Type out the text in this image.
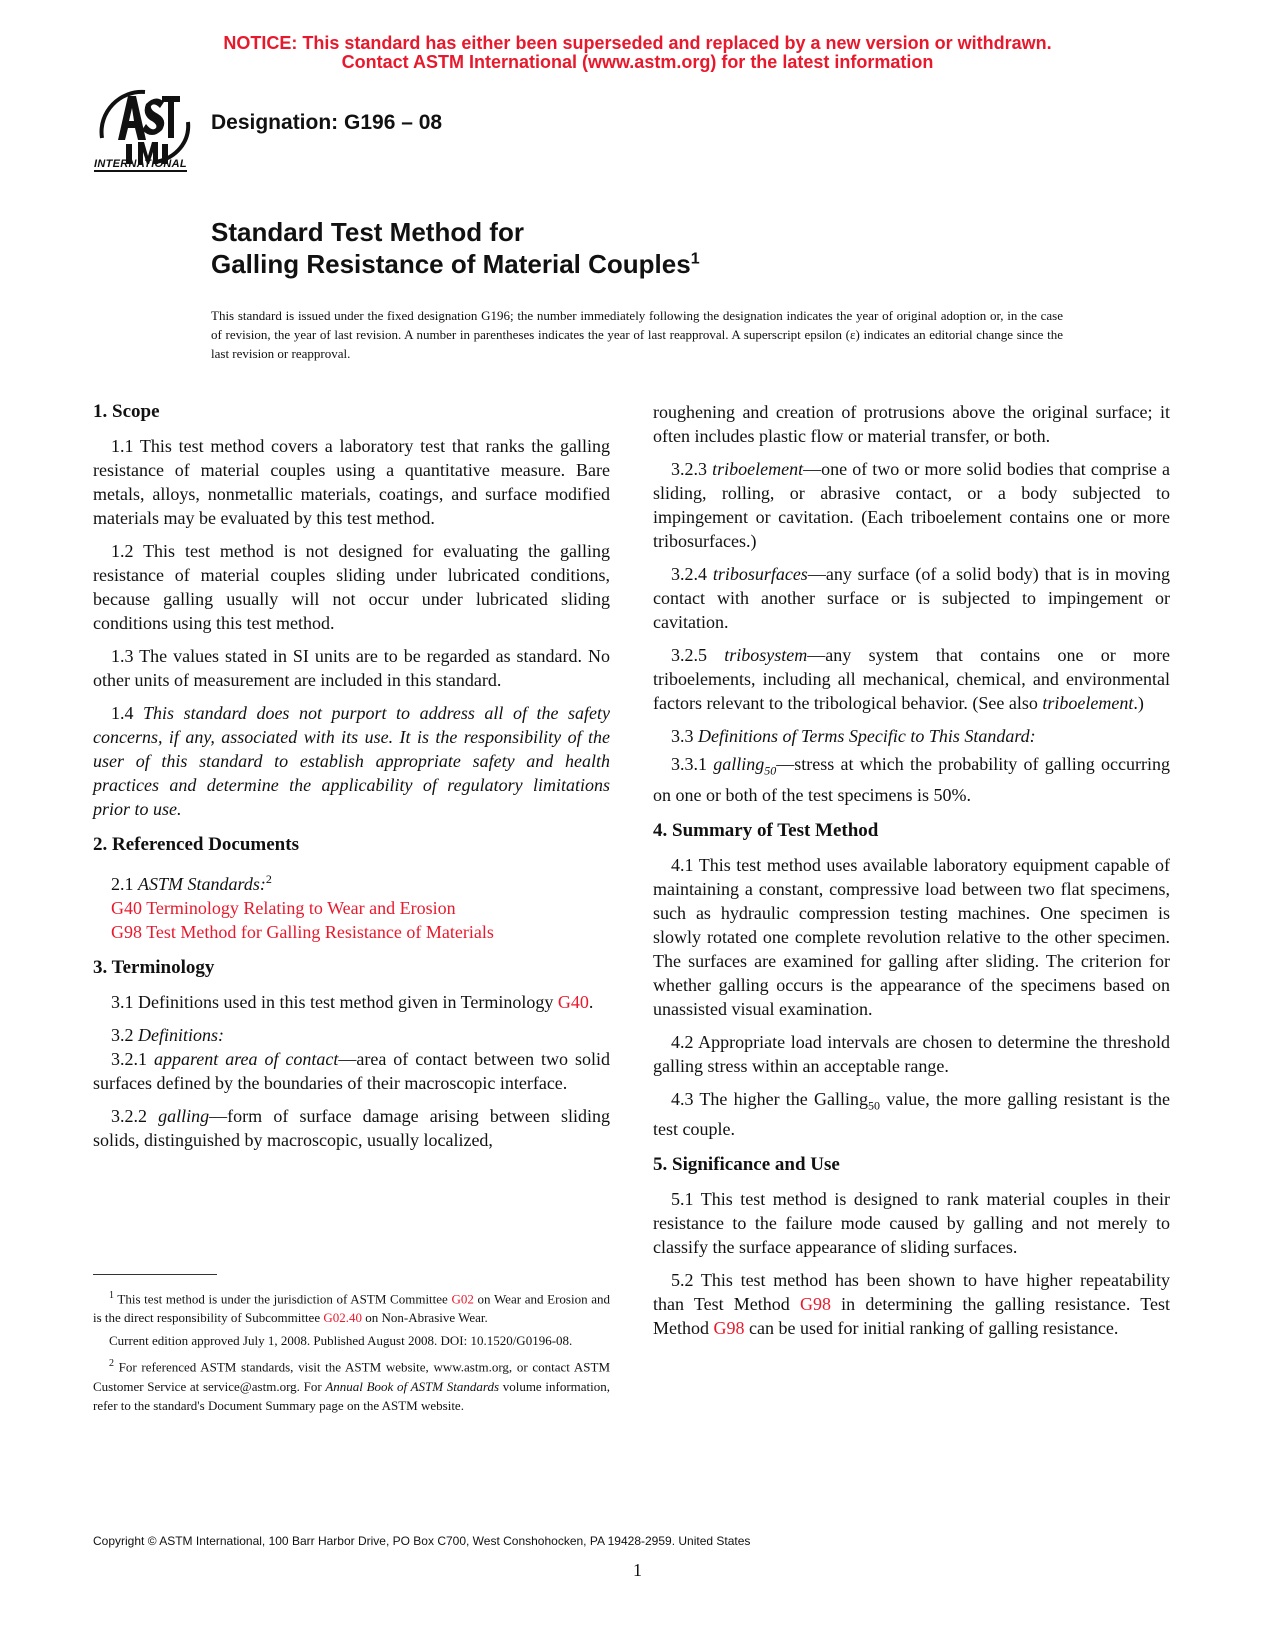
NOTICE: This standard has either been superseded and replaced by a new version or withdrawn.
Contact ASTM International (www.astm.org) for the latest information
INTERNATIONAL
Designation: G196 – 08
Standard Test Method for
Galling Resistance of Material Couples$^1$
This standard is issued under the fixed designation G196; the number immediately following the designation indicates the year of original adoption or, in the case of revision, the year of last revision. A number in parentheses indicates the year of last reapproval. A superscript epsilon (ε) indicates an editorial change since the last revision or reapproval.
1. Scope

1.1 This test method covers a laboratory test that ranks the galling resistance of material couples using a quantitative measure. Bare metals, alloys, nonmetallic materials, coatings, and surface modified materials may be evaluated by this test method.

1.2 This test method is not designed for evaluating the galling resistance of material couples sliding under lubricated conditions, because galling usually will not occur under lubricated sliding conditions using this test method.

1.3 The values stated in SI units are to be regarded as standard. No other units of measurement are included in this standard.

1.4 This standard does not purport to address all of the safety concerns, if any, associated with its use. It is the responsibility of the user of this standard to establish appropriate safety and health practices and determine the applicability of regulatory limitations prior to use.

2. Referenced Documents

2.1 ASTM Standards:$^2$

G40 Terminology Relating to Wear and Erosion
G98 Test Method for Galling Resistance of Materials
3. Terminology

3.1 Definitions used in this test method given in Terminology G40.

3.2 Definitions:

3.2.1 apparent area of contact—area of contact between two solid surfaces defined by the boundaries of their macroscopic interface.

3.2.2 galling—form of surface damage arising between sliding solids, distinguished by macroscopic, usually localized,

roughening and creation of protrusions above the original surface; it often includes plastic flow or material transfer, or both.

3.2.3 triboelement—one of two or more solid bodies that comprise a sliding, rolling, or abrasive contact, or a body subjected to impingement or cavitation. (Each triboelement contains one or more tribosurfaces.)

3.2.4 tribosurfaces—any surface (of a solid body) that is in moving contact with another surface or is subjected to impingement or cavitation.

3.2.5 tribosystem—any system that contains one or more triboelements, including all mechanical, chemical, and environmental factors relevant to the tribological behavior. (See also triboelement.)

3.3 Definitions of Terms Specific to This Standard:

3.3.1 galling$_{50}$—stress at which the probability of galling occurring on one or both of the test specimens is 50%.

4. Summary of Test Method

4.1 This test method uses available laboratory equipment capable of maintaining a constant, compressive load between two flat specimens, such as hydraulic compression testing machines. One specimen is slowly rotated one complete revolution relative to the other specimen. The surfaces are examined for galling after sliding. The criterion for whether galling occurs is the appearance of the specimens based on unassisted visual examination.

4.2 Appropriate load intervals are chosen to determine the threshold galling stress within an acceptable range.

4.3 The higher the Galling$_{50}$ value, the more galling resistant is the test couple.

5. Significance and Use

5.1 This test method is designed to rank material couples in their resistance to the failure mode caused by galling and not merely to classify the surface appearance of sliding surfaces.

5.2 This test method has been shown to have higher repeatability than Test Method G98 in determining the galling resistance. Test Method G98 can be used for initial ranking of galling resistance.

$^1$ This test method is under the jurisdiction of ASTM Committee G02 on Wear and Erosion and is the direct responsibility of Subcommittee G02.40 on Non-Abrasive Wear.

Current edition approved July 1, 2008. Published August 2008. DOI: 10.1520/G0196-08.

$^2$ For referenced ASTM standards, visit the ASTM website, www.astm.org, or contact ASTM Customer Service at service@astm.org. For Annual Book of ASTM Standards volume information, refer to the standard's Document Summary page on the ASTM website.

Copyright © ASTM International, 100 Barr Harbor Drive, PO Box C700, West Conshohocken, PA 19428-2959. United States
1
